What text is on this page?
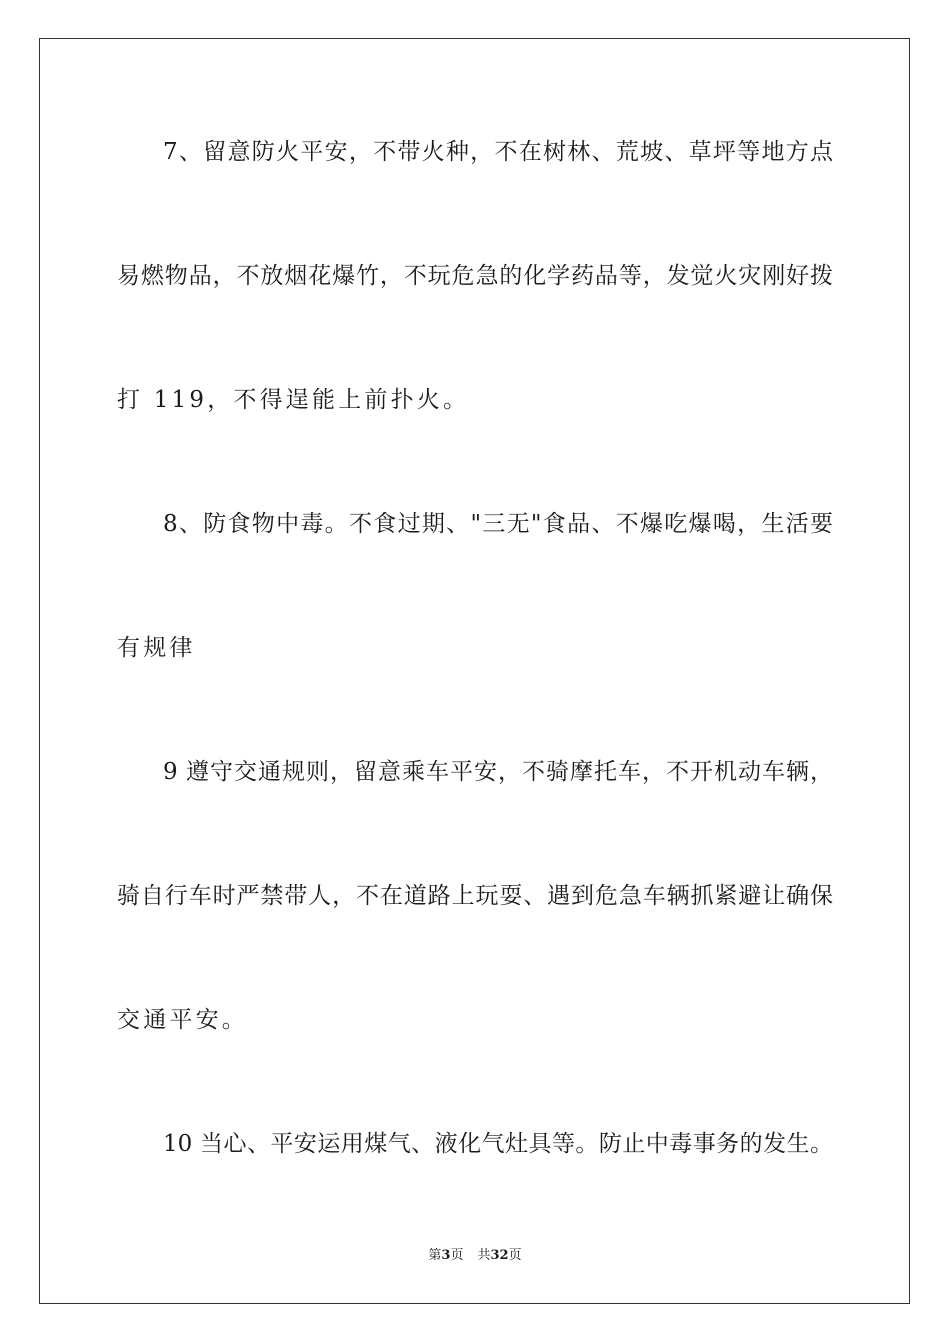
7、留意防火平安，不带火种，不在树林、荒坡、草坪等地方点
易燃物品，不放烟花爆竹，不玩危急的化学药品等，发觉火灾刚好拨
打 119，不得逞能上前扑火。
8、防食物中毒。不食过期、"三无"食品、不爆吃爆喝，生活要
有规律
9 遵守交通规则，留意乘车平安，不骑摩托车，不开机动车辆，
骑自行车时严禁带人，不在道路上玩耍、遇到危急车辆抓紧避让确保
交通平安。
10 当心、平安运用煤气、液化气灶具等。防止中毒事务的发生。
第3页 共32页
